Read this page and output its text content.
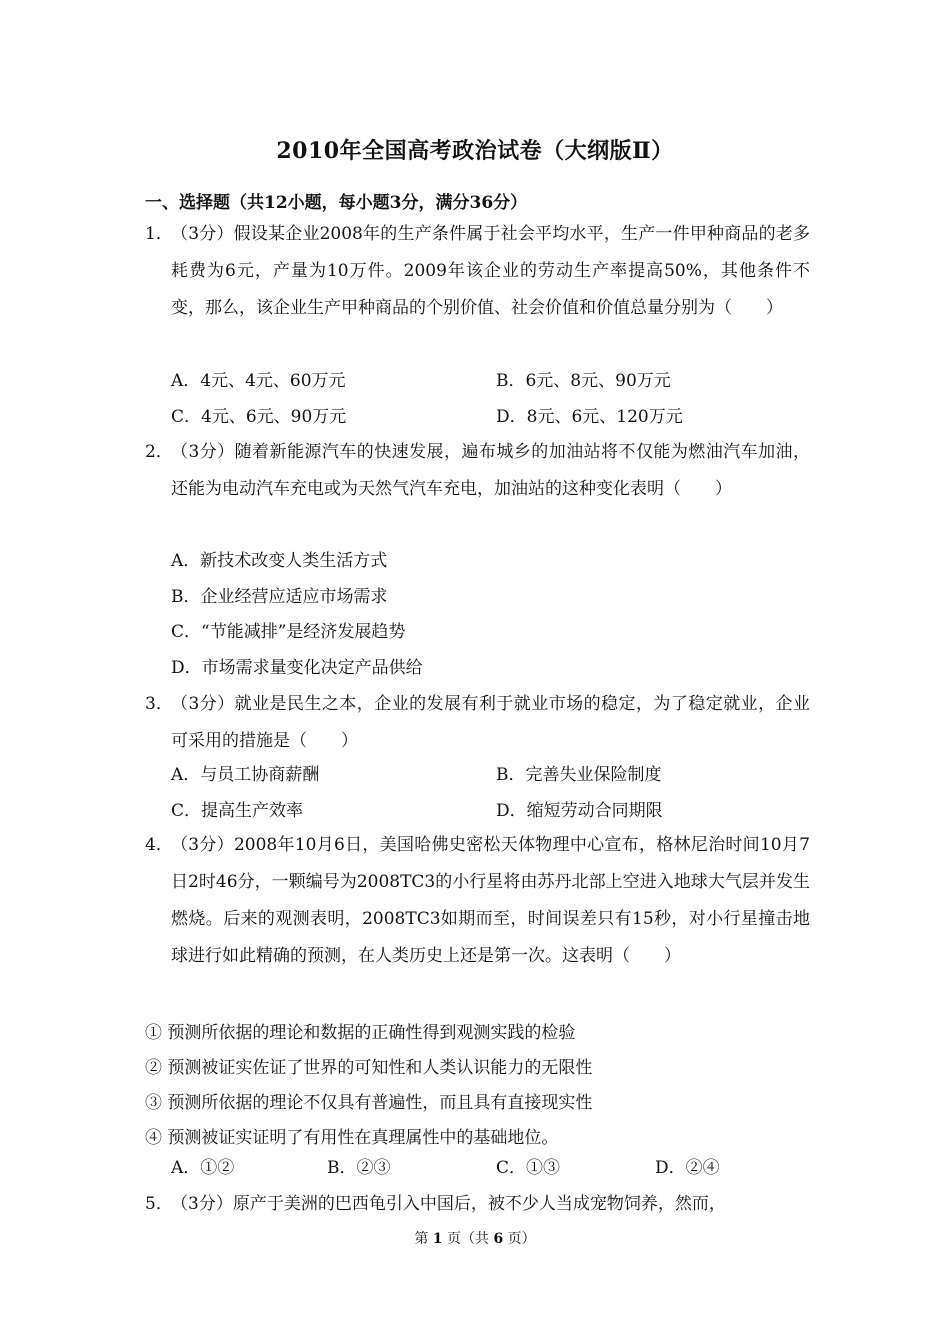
2010年全国高考政治试卷（大纲版Ⅱ）
一、选择题（共12小题，每小题3分，满分36分）
1．
（3分）假设某企业2008年的生产条件属于社会平均水平，生产一件甲种商品的老多耗费为6元，产量为10万件。2009年该企业的劳动生产率提高50%，其他条件不变，那么，该企业生产甲种商品的个别价值、社会价值和价值总量分别为（　　）
A．4元、4元、60万元	B．6元、8元、90万元
C．4元、6元、90万元	D．8元、6元、120万元
2．
（3分）随着新能源汽车的快速发展，遍布城乡的加油站将不仅能为燃油汽车加油，还能为电动汽车充电或为天然气汽车充电，加油站的这种变化表明（　　）
A．新技术改变人类生活方式
B．企业经营应适应市场需求
C．“节能减排”是经济发展趋势
D．市场需求量变化决定产品供给
3．
（3分）就业是民生之本，企业的发展有利于就业市场的稳定，为了稳定就业，企业可采用的措施是（　　）
A．与员工协商薪酬	B．完善失业保险制度
C．提高生产效率	D．缩短劳动合同期限
4．
（3分）2008年10月6日，美国哈佛史密松天体物理中心宣布，格林尼治时间10月7日2时46分，一颗编号为2008TC3的小行星将由苏丹北部上空进入地球大气层并发生燃烧。后来的观测表明，2008TC3如期而至，时间误差只有15秒，对小行星撞击地球进行如此精确的预测，在人类历史上还是第一次。这表明（　　）
① 预测所依据的理论和数据的正确性得到观测实践的检验
② 预测被证实佐证了世界的可知性和人类认识能力的无限性
③ 预测所依据的理论不仅具有普遍性，而且具有直接现实性
④ 预测被证实证明了有用性在真理属性中的基础地位。
A．①②	B．②③	C．①③	D．②④
5．
（3分）原产于美洲的巴西龟引入中国后，被不少人当成宠物饲养，然而，
第 1 页（共 6 页）
